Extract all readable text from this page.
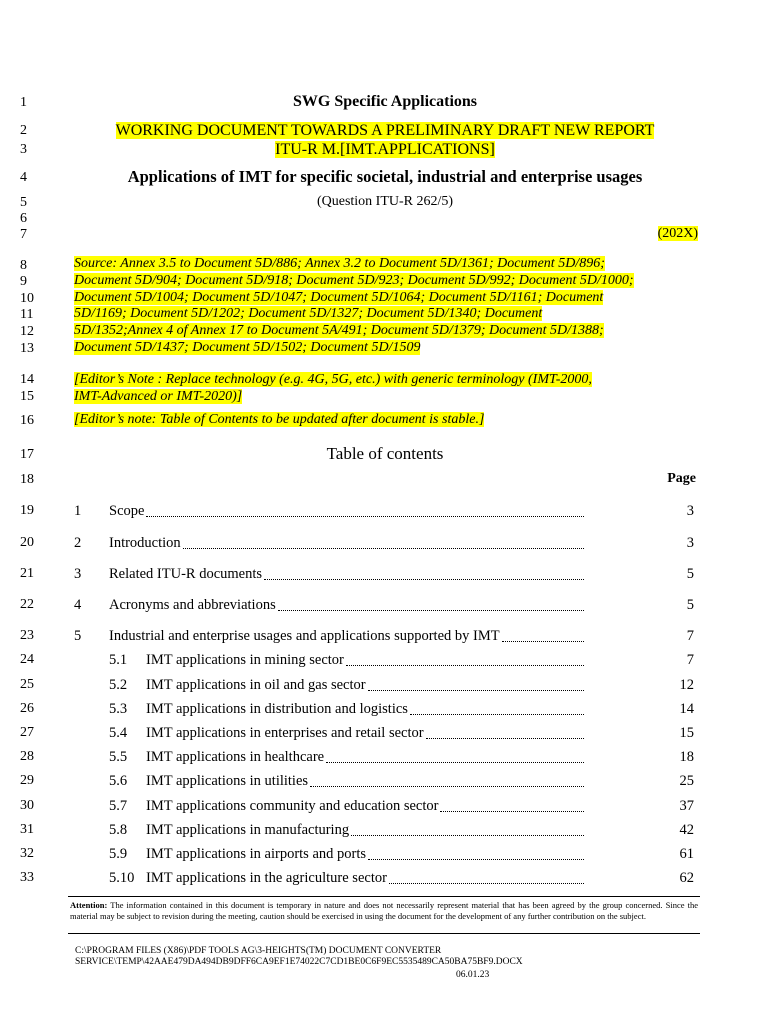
1
2
3
4
5
6
7
8
9
10
11
12
13
14
15
16
17
18
19
20
21
22
23
24
25
26
27
28
29
30
31
32
33
SWG Specific Applications
WORKING DOCUMENT TOWARDS A PRELIMINARY DRAFT NEW REPORT
ITU-R M.[IMT.APPLICATIONS]
Applications of IMT for specific societal, industrial and enterprise usages
(Question ITU-R 262/5)
(202X)
Source: Annex 3.5 to Document 5D/886; Annex 3.2 to Document 5D/1361; Document 5D/896;
Document 5D/904; Document 5D/918; Document 5D/923; Document 5D/992; Document 5D/1000;
Document 5D/1004; Document 5D/1047; Document 5D/1064; Document 5D/1161; Document
5D/1169; Document 5D/1202; Document 5D/1327; Document 5D/1340; Document
5D/1352;Annex 4 of Annex 17 to Document 5A/491; Document 5D/1379; Document 5D/1388;
Document 5D/1437; Document 5D/1502; Document 5D/1509
[Editor’s Note : Replace technology (e.g. 4G, 5G, etc.) with generic terminology (IMT-2000,
IMT-Advanced or IMT-2020)]
[Editor’s note: Table of Contents to be updated after document is stable.]
Table of contents
Page
1 Scope	3
2 Introduction	3
3 Related ITU-R documents	5
4 Acronyms and abbreviations	5
5 Industrial and enterprise usages and applications supported by IMT	7
5.1 IMT applications in mining sector	7
5.2 IMT applications in oil and gas sector	12
5.3 IMT applications in distribution and logistics	14
5.4 IMT applications in enterprises and retail sector	15
5.5 IMT applications in healthcare	18
5.6 IMT applications in utilities	25
5.7 IMT applications community and education sector	37
5.8 IMT applications in manufacturing	42
5.9 IMT applications in airports and ports	61
5.10 IMT applications in the agriculture sector	62
Attention: The information contained in this document is temporary in nature and does not necessarily represent material that has been agreed by the group concerned. Since the material may be subject to revision during the meeting, caution should be exercised in using the document for the development of any further contribution on the subject.
C:\PROGRAM FILES (X86)\PDF TOOLS AG\3-HEIGHTS(TM) DOCUMENT CONVERTER
SERVICE\TEMP\42AAE479DA494DB9DFF6CA9EF1E74022C7CD1BE0C6F9EC5535489CA50BA75BF9.DOCX
06.01.23
